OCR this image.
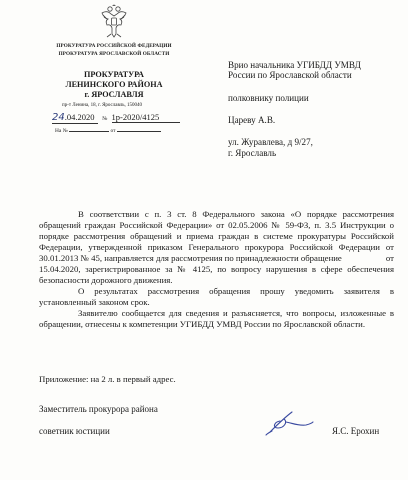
ПРОКУРАТУРА РОССИЙСКОЙ ФЕДЕРАЦИИ
ПРОКУРАТУРА ЯРОСЛАВСКОЙ ОБЛАСТИ
ПРОКУРАТУРА
ЛЕНИНСКОГО РАЙОНА
г. ЯРОСЛАВЛЯ
пр-т Ленина, 18, г. Ярославль, 150040
24.04.2020 № 1р-2020/4125
На №	от
Врио начальника УГИБДД УМВД
России по Ярославской области
полковнику полиции
Цареву А.В.
ул. Журавлева, д 9/27,
г. Ярославль

В соответствии с п. 3 ст. 8 Федерального закона «О порядке рассмотрения обращений граждан Российской Федерации» от 02.05.2006 № 59-ФЗ, п. 3.5 Инструкции о порядке рассмотрения обращений и приема граждан в системе прокуратуры Российской Федерации, утвержденной приказом Генерального прокурора Российской Федерации от 30.01.2013 № 45, направляется для рассмотрения по принадлежности обращение                    от 15.04.2020, зарегистрированное за № 4125, по вопросу нарушения в сфере обеспечения безопасности дорожного движения.

О результатах рассмотрения обращения прошу уведомить заявителя в установленный законом срок.

Заявителю сообщается для сведения и разъясняется, что вопросы, изложенные в обращении, отнесены к компетенции УГИБДД УМВД России по Ярославской области.

Приложение: на 2 л. в первый адрес.
Заместитель прокурора района
советник юстиции	Я.С. Ерохин
